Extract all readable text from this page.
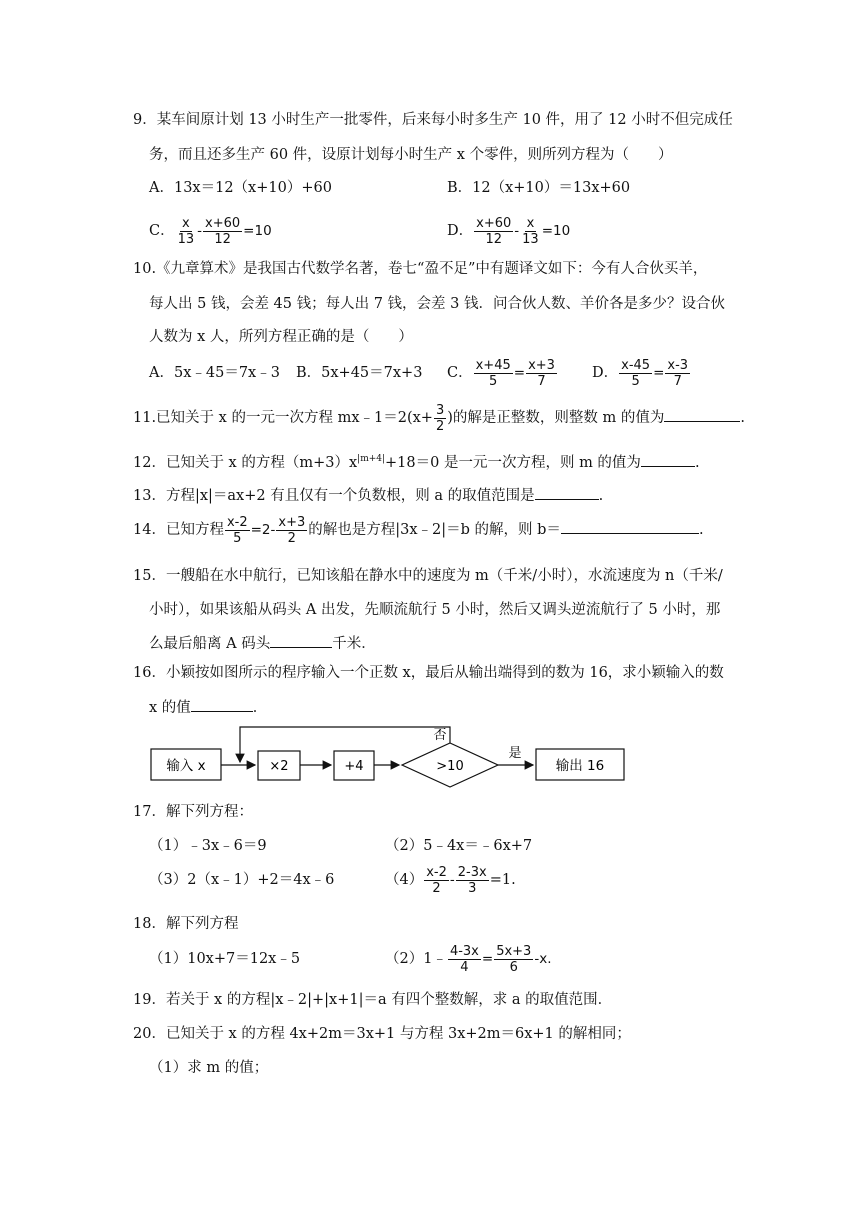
9．某车间原计划 13 小时生产一批零件，后来每小时多生产 10 件，用了 12 小时不但完成任
务，而且还多生产 60 件，设原计划每小时生产 x 个零件，则所列方程为（　　）
A．13x＝12（x+10）+60	B．12（x+10）＝13x+60
C． $\frac{x}{13} - \frac{x+60}{12} =10$	D． $\frac{x+60}{12} - \frac{x}{13} =10$
10.《九章算术》是我国古代数学名著，卷七“盈不足”中有题译文如下：今有人合伙买羊，
每人出 5 钱，会差 45 钱；每人出 7 钱，会差 3 钱．问合伙人数、羊价各是多少？设合伙
人数为 x 人，所列方程正确的是（　　）
A．5x﹣45＝7x﹣3 B．5x+45＝7x+3 C． $\frac{x+45}{5} = \frac{x+3}{7}$ D． $\frac{x-45}{5} = \frac{x-3}{7}$
11.已知关于 x 的一元一次方程 mx﹣1＝2(x+ $\frac{3}{2}$ )的解是正整数，则整数 m 的值为	.
12．已知关于 x 的方程$(m+3)x^{|m+4|}+18=0$ 是一元一次方程，则 m 的值为	.
13．方程|x|＝ax+2 有且仅有一个负数根，则 a 的取值范围是	.
14．已知方程 $\frac{x-2}{5} =2- \frac{x+3}{2}$ 的解也是方程|3x﹣2|＝b 的解，则 b＝	.
15．一艘船在水中航行，已知该船在静水中的速度为 m（千米/小时），水流速度为 n（千米/
小时），如果该船从码头 A 出发，先顺流航行 5 小时，然后又调头逆流航行了 5 小时，那
么最后船离 A 码头	千米．
16．小颖按如图所示的程序输入一个正数 x，最后从输出端得到的数为 16，求小颖输入的数
x 的值	．
输入 x	×2	+4	>10
否
是
输出 16
17．解下列方程：
（1）﹣3x﹣6＝9	（2）5﹣4x＝﹣6x+7
（3）2（x﹣1）+2＝4x﹣6	$(4) \frac{x-2}{2} - \frac{2-3x}{3} =1$.
18．解下列方程
（1）10x+7＝12x﹣5	（2）1﹣ $\frac{4-3x}{4} = \frac{5x+3}{6} -x$.
19．若关于 x 的方程|x﹣2|+|x+1|＝a 有四个整数解，求 a 的取值范围．
20．已知关于 x 的方程 4x+2m＝3x+1 与方程 3x+2m＝6x+1 的解相同；
（1）求 m 的值；
